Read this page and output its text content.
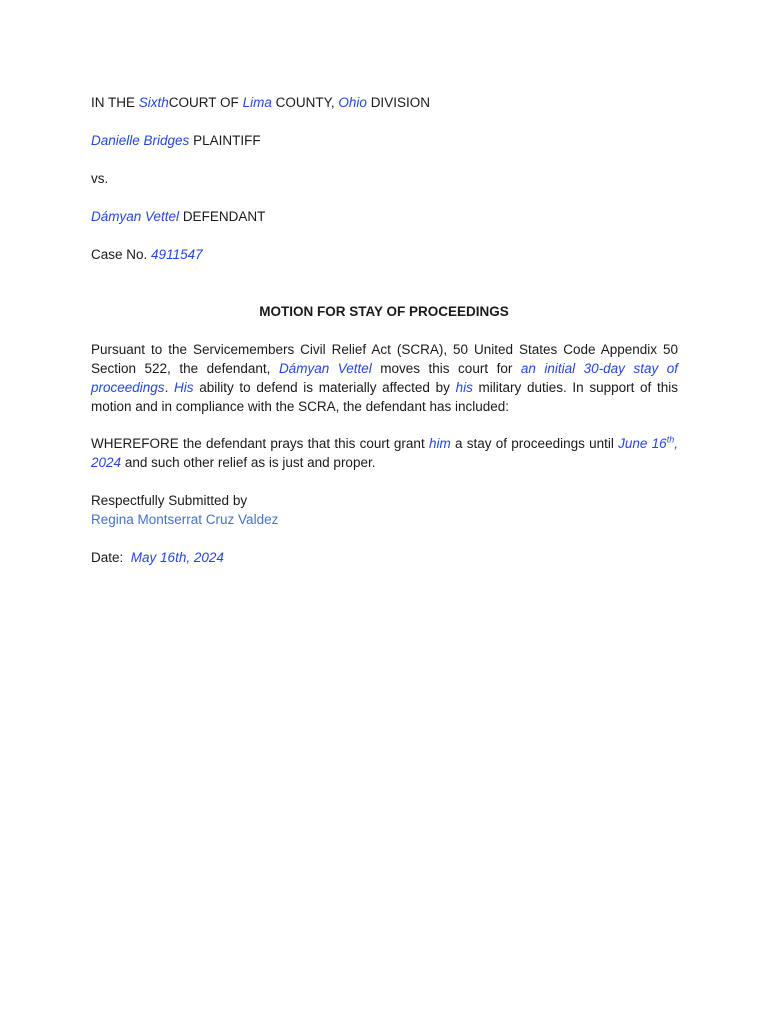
IN THE SixthCOURT OF Lima COUNTY, Ohio DIVISION
Danielle Bridges PLAINTIFF
vs.
Dámyan Vettel DEFENDANT
Case No. 4911547
MOTION FOR STAY OF PROCEEDINGS
Pursuant to the Servicemembers Civil Relief Act (SCRA), 50 United States Code Appendix 50 Section 522, the defendant, Dámyan Vettel moves this court for an initial 30-day stay of proceedings. His ability to defend is materially affected by his military duties. In support of this motion and in compliance with the SCRA, the defendant has included:
WHEREFORE the defendant prays that this court grant him a stay of proceedings until June 16th, 2024 and such other relief as is just and proper.
Respectfully Submitted by
Regina Montserrat Cruz Valdez
Date: May 16th, 2024
